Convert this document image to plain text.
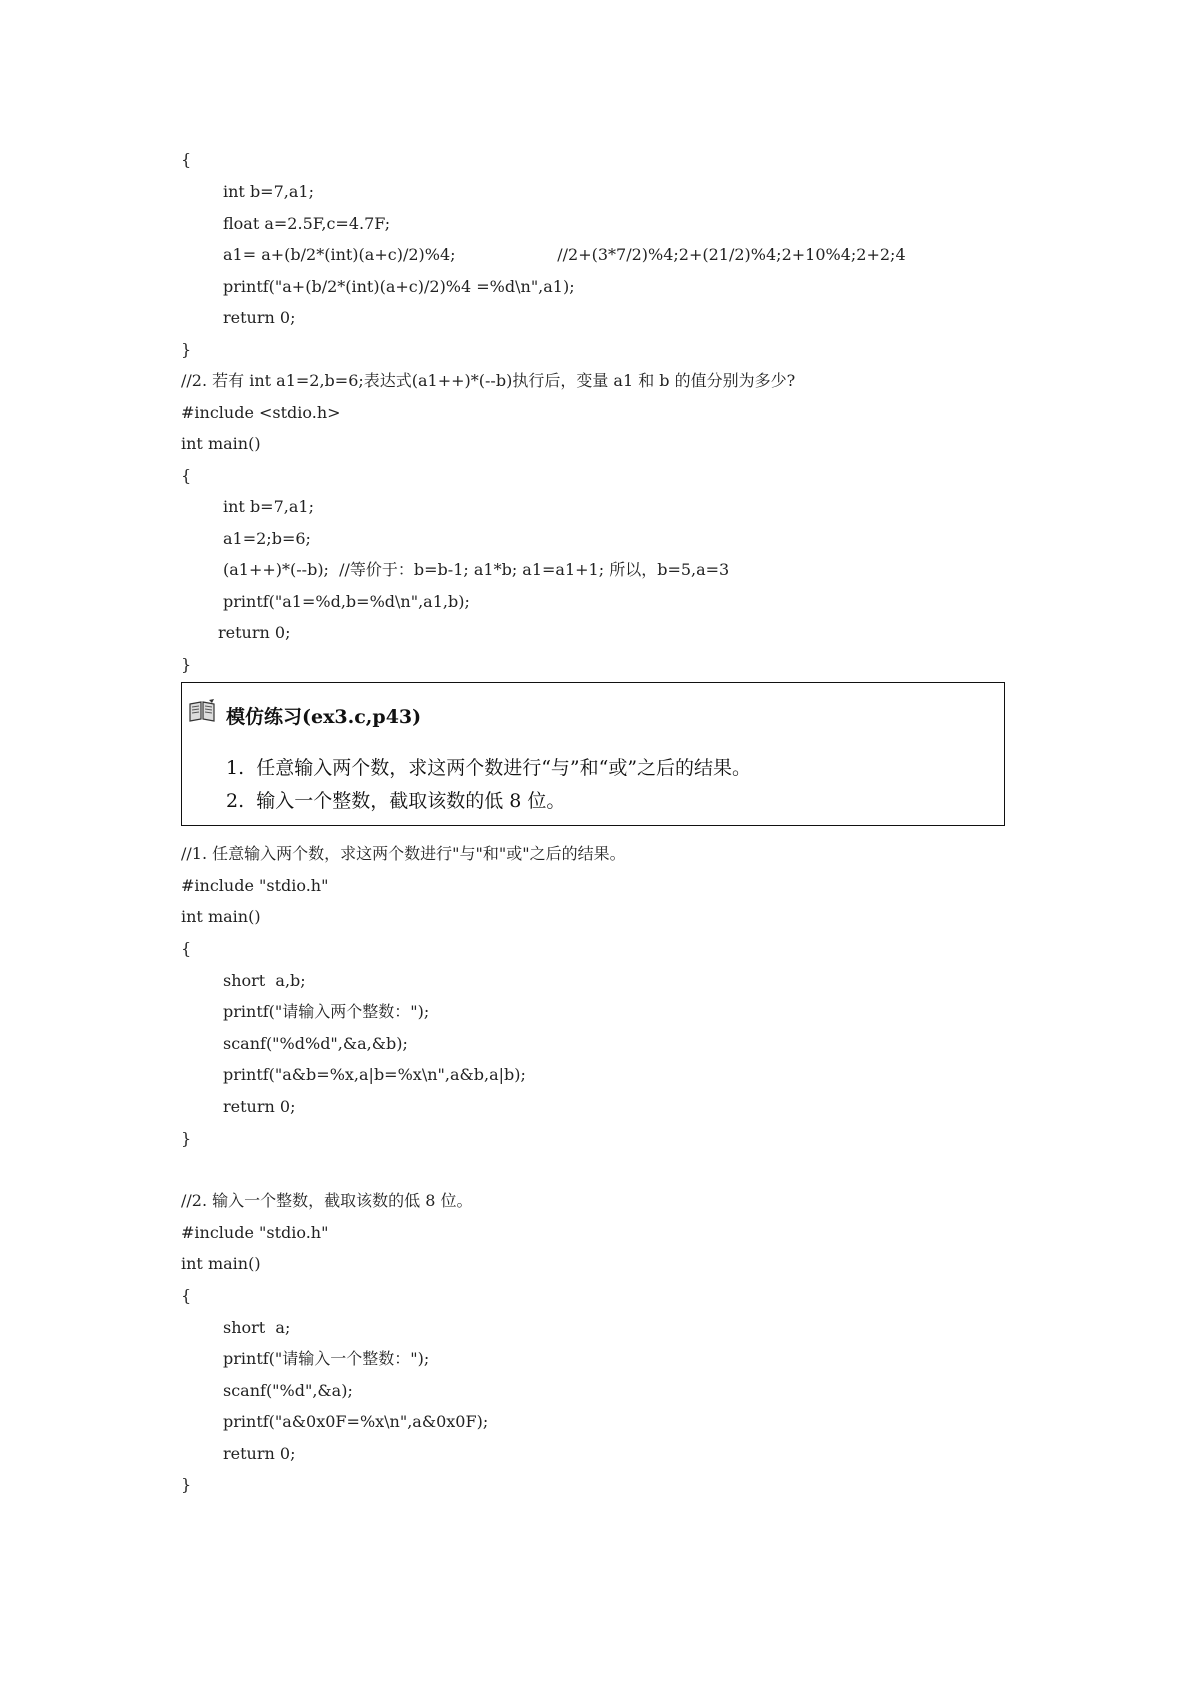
{
int b=7,a1;
float a=2.5F,c=4.7F;
a1= a+(b/2*(int)(a+c)/2)%4;                    //2+(3*7/2)%4;2+(21/2)%4;2+10%4;2+2;4
printf("a+(b/2*(int)(a+c)/2)%4 =%d\n",a1);
return 0;
}
//2. 若有 int a1=2,b=6;表达式(a1++)*(--b)执行后，变量 a1 和 b 的值分别为多少?
#include <stdio.h>
int main()
{
int b=7,a1;
a1=2;b=6;
(a1++)*(--b);  //等价于：b=b-1; a1*b; a1=a1+1; 所以，b=5,a=3
printf("a1=%d,b=%d\n",a1,b);
return 0;
}
模仿练习(ex3.c,p43)
1.  任意输入两个数，求这两个数进行“与”和“或”之后的结果。
2.  输入一个整数，截取该数的低 8 位。
//1. 任意输入两个数，求这两个数进行"与"和"或"之后的结果。
#include "stdio.h"
int main()
{
short  a,b;
printf("请输入两个整数：");
scanf("%d%d",&a,&b);
printf("a&b=%x,a|b=%x\n",a&b,a|b);
return 0;
}
//2. 输入一个整数，截取该数的低 8 位。
#include "stdio.h"
int main()
{
short  a;
printf("请输入一个整数：");
scanf("%d",&a);
printf("a&0x0F=%x\n",a&0x0F);
return 0;
}
